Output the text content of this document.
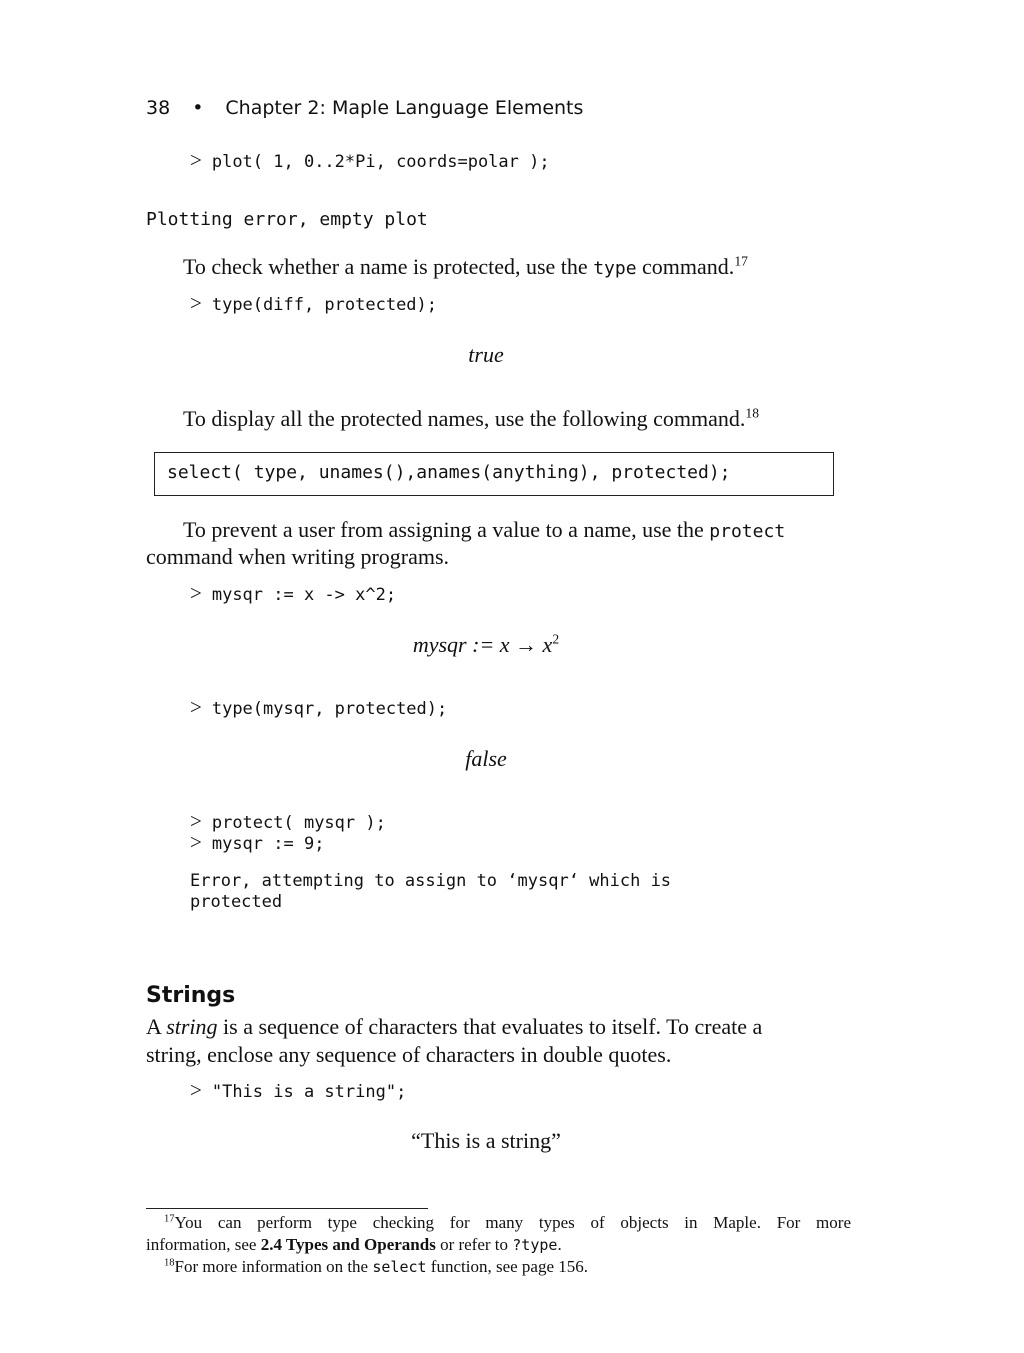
38 • Chapter 2: Maple Language Elements
> plot( 1, 0..2*Pi, coords=polar );
Plotting error, empty plot
To check whether a name is protected, use the type command.$^{17}$
> type(diff, protected);
true
To display all the protected names, use the following command.$^{18}$
select( type, unames(),anames(anything), protected);
To prevent a user from assigning a value to a name, use the protect
command when writing programs.
> mysqr := x -> x^2;
mysqr := $x \to x^2$
> type(mysqr, protected);
false
> protect( mysqr );
> mysqr := 9;
Error, attempting to assign to ‘mysqr‘ which is
protected
Strings
A string is a sequence of characters that evaluates to itself. To create a
string, enclose any sequence of characters in double quotes.
> "This is a string";
“This is a string”
$^{17}$You can perform type checking for many types of objects in Maple. For more
information, see 2.4 Types and Operands or refer to ?type.
$^{18}$For more information on the select function, see page 156.
